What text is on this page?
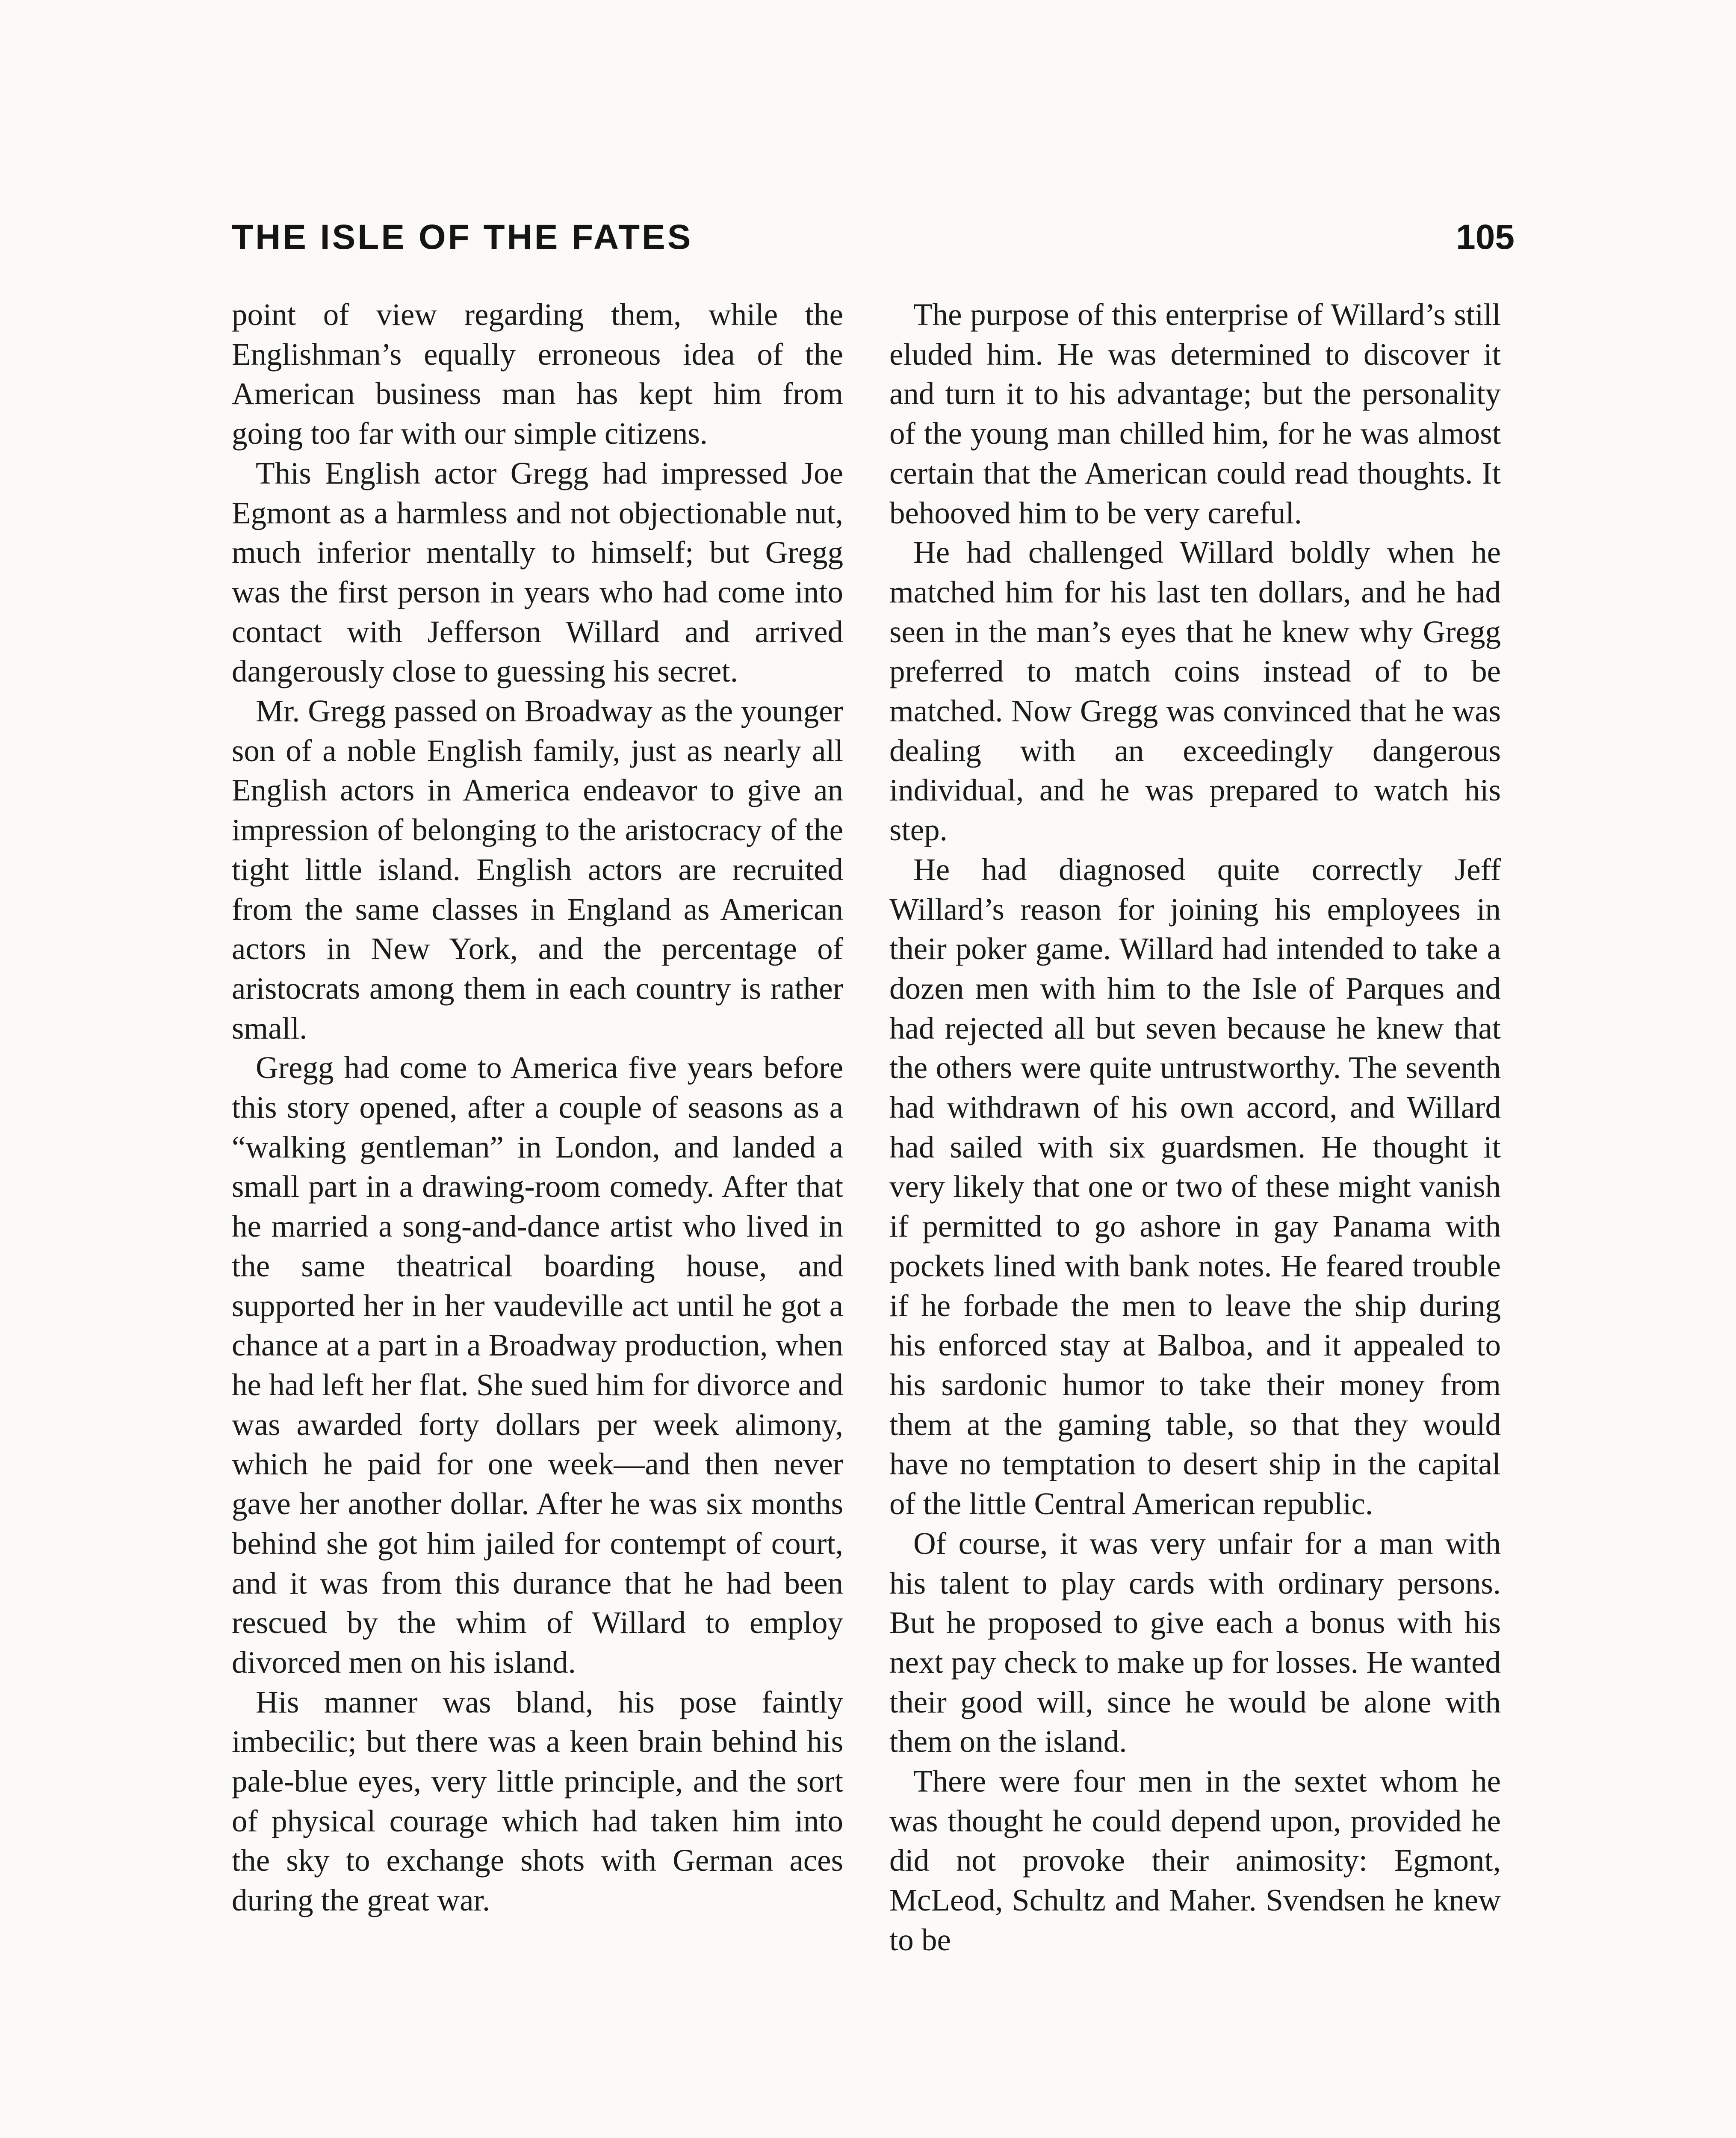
THE ISLE OF THE FATES	105

point of view regarding them, while the Englishman’s equally erroneous idea of the American business man has kept him from going too far with our simple citizens.

This English actor Gregg had impressed Joe Egmont as a harmless and not objectionable nut, much inferior mentally to himself; but Gregg was the first person in years who had come into contact with Jefferson Willard and arrived dangerously close to guessing his secret.

Mr. Gregg passed on Broadway as the younger son of a noble English family, just as nearly all English actors in America endeavor to give an impression of belonging to the aristocracy of the tight little island. English actors are recruited from the same classes in England as American actors in New York, and the percentage of aristocrats among them in each country is rather small.

Gregg had come to America five years before this story opened, after a couple of seasons as a “walking gentleman” in London, and landed a small part in a drawing-room comedy. After that he married a song-and-dance artist who lived in the same theatrical boarding house, and supported her in her vaudeville act until he got a chance at a part in a Broadway production, when he had left her flat. She sued him for divorce and was awarded forty dollars per week alimony, which he paid for one week—and then never gave her another dollar. After he was six months behind she got him jailed for contempt of court, and it was from this durance that he had been rescued by the whim of Willard to employ divorced men on his island.

His manner was bland, his pose faintly imbecilic; but there was a keen brain behind his pale-blue eyes, very little principle, and the sort of physical courage which had taken him into the sky to exchange shots with German aces during the great war.

The purpose of this enterprise of Willard’s still eluded him. He was determined to discover it and turn it to his advantage; but the personality of the young man chilled him, for he was almost certain that the American could read thoughts. It behooved him to be very careful.

He had challenged Willard boldly when he matched him for his last ten dollars, and he had seen in the man’s eyes that he knew why Gregg preferred to match coins instead of to be matched. Now Gregg was convinced that he was dealing with an exceedingly dangerous individual, and he was prepared to watch his step.

He had diagnosed quite correctly Jeff Willard’s reason for joining his employees in their poker game. Willard had intended to take a dozen men with him to the Isle of Parques and had rejected all but seven because he knew that the others were quite untrustworthy. The seventh had withdrawn of his own accord, and Willard had sailed with six guardsmen. He thought it very likely that one or two of these might vanish if permitted to go ashore in gay Panama with pockets lined with bank notes. He feared trouble if he forbade the men to leave the ship during his enforced stay at Balboa, and it appealed to his sardonic humor to take their money from them at the gaming table, so that they would have no temptation to desert ship in the capital of the little Central American republic.

Of course, it was very unfair for a man with his talent to play cards with ordinary persons. But he proposed to give each a bonus with his next pay check to make up for losses. He wanted their good will, since he would be alone with them on the island.

There were four men in the sextet whom he was thought he could depend upon, provided he did not provoke their animosity: Egmont, McLeod, Schultz and Maher. Svendsen he knew to be
